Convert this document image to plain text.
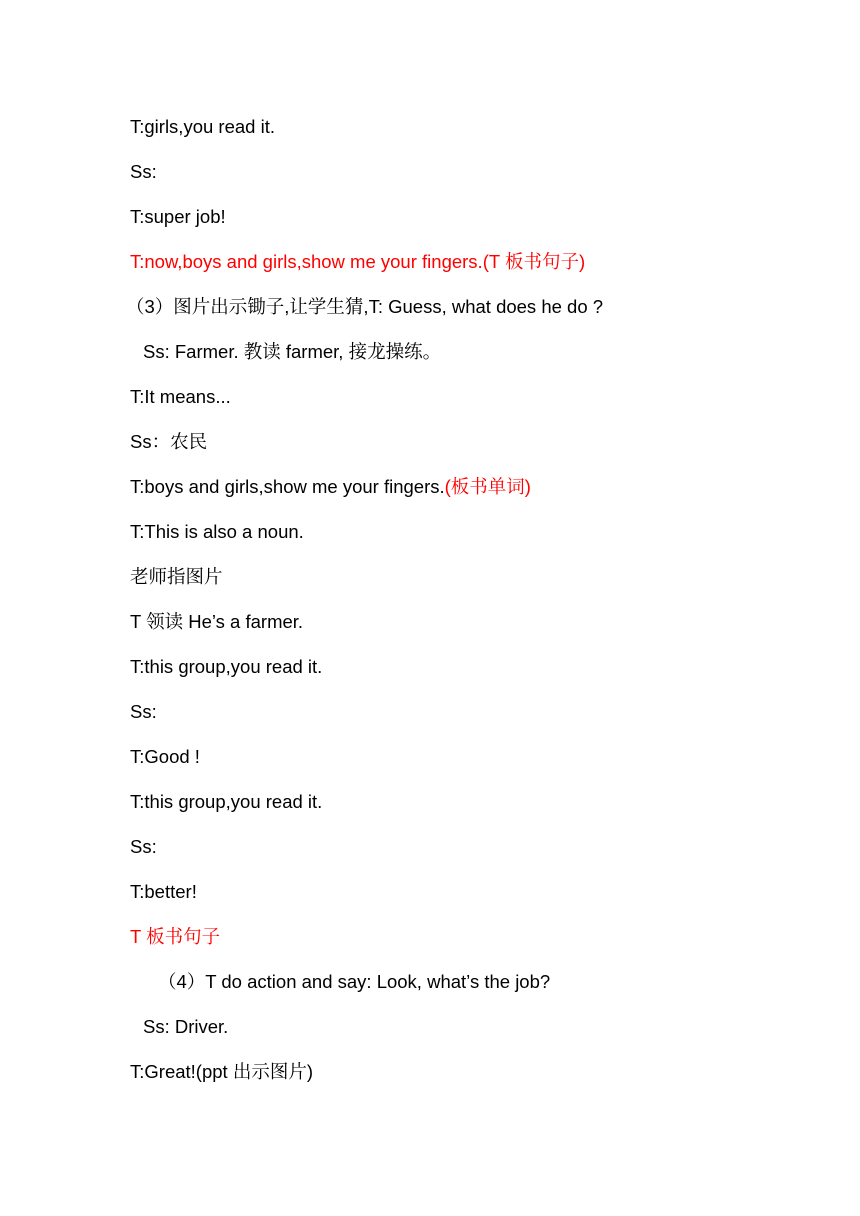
T:girls,you read it.
Ss:
T:super job!
T:now,boys and girls,show me your fingers.(T 板书句子)
（3）图片出示锄子,让学生猜,T: Guess, what does he do ?
Ss: Farmer. 教读 farmer, 接龙操练。
T:It means...
Ss：农民
T:boys and girls,show me your fingers.(板书单词)
T:This is also a noun.
老师指图片
T 领读 He’s a farmer.
T:this group,you read it.
Ss:
T:Good !
T:this group,you read it.
Ss:
T:better!
T 板书句子
（4）T do action and say: Look, what’s the job?
Ss: Driver.
T:Great!(ppt 出示图片)
